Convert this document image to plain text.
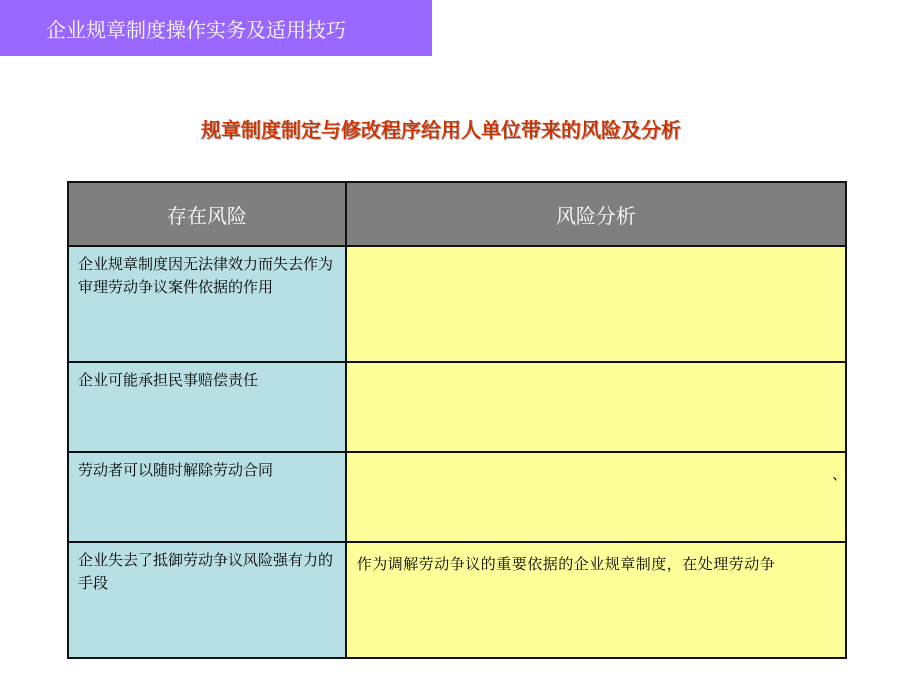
企业规章制度操作实务及适用技巧
规章制度制定与修改程序给用人单位带来的风险及分析
存在风险	风险分析
企业规章制度因无法律效力而失去作为审理劳动争议案件依据的作用	
企业可能承担民事赔偿责任	
劳动者可以随时解除劳动合同	、

企业失去了抵御劳动争议风险强有力的手段	作为调解劳动争议的重要依据的企业规章制度，在处理劳动争
